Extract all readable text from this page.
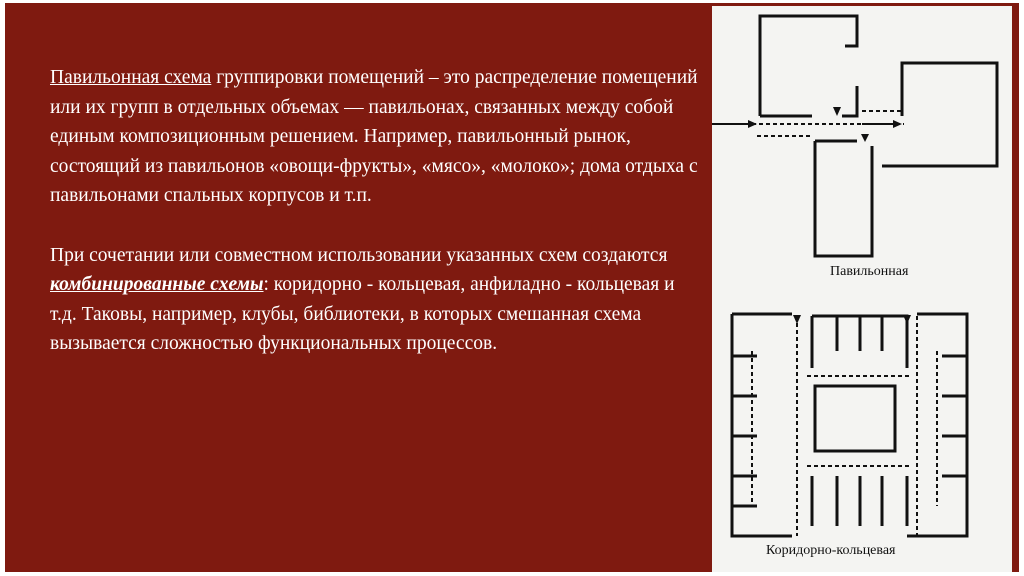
Павильонная схема группировки помещений – это распределение помещений или их групп в отдельных объемах — павильонах, связанных между собой единым композиционным решением. Например, павильонный рынок, состоящий из павильонов «овощи-фрукты», «мясо», «молоко»; дома отдыха с павильонами спальных корпусов и т.п.

При сочетании или совместном использовании указанных схем создаются комбинированные схемы: коридорно - кольцевая, анфиладно - кольцевая и т.д. Таковы, например, клубы, библиотеки, в которых смешанная схема вызывается сложностью функциональных процессов.

Павильонная
Коридорно-кольцевая
